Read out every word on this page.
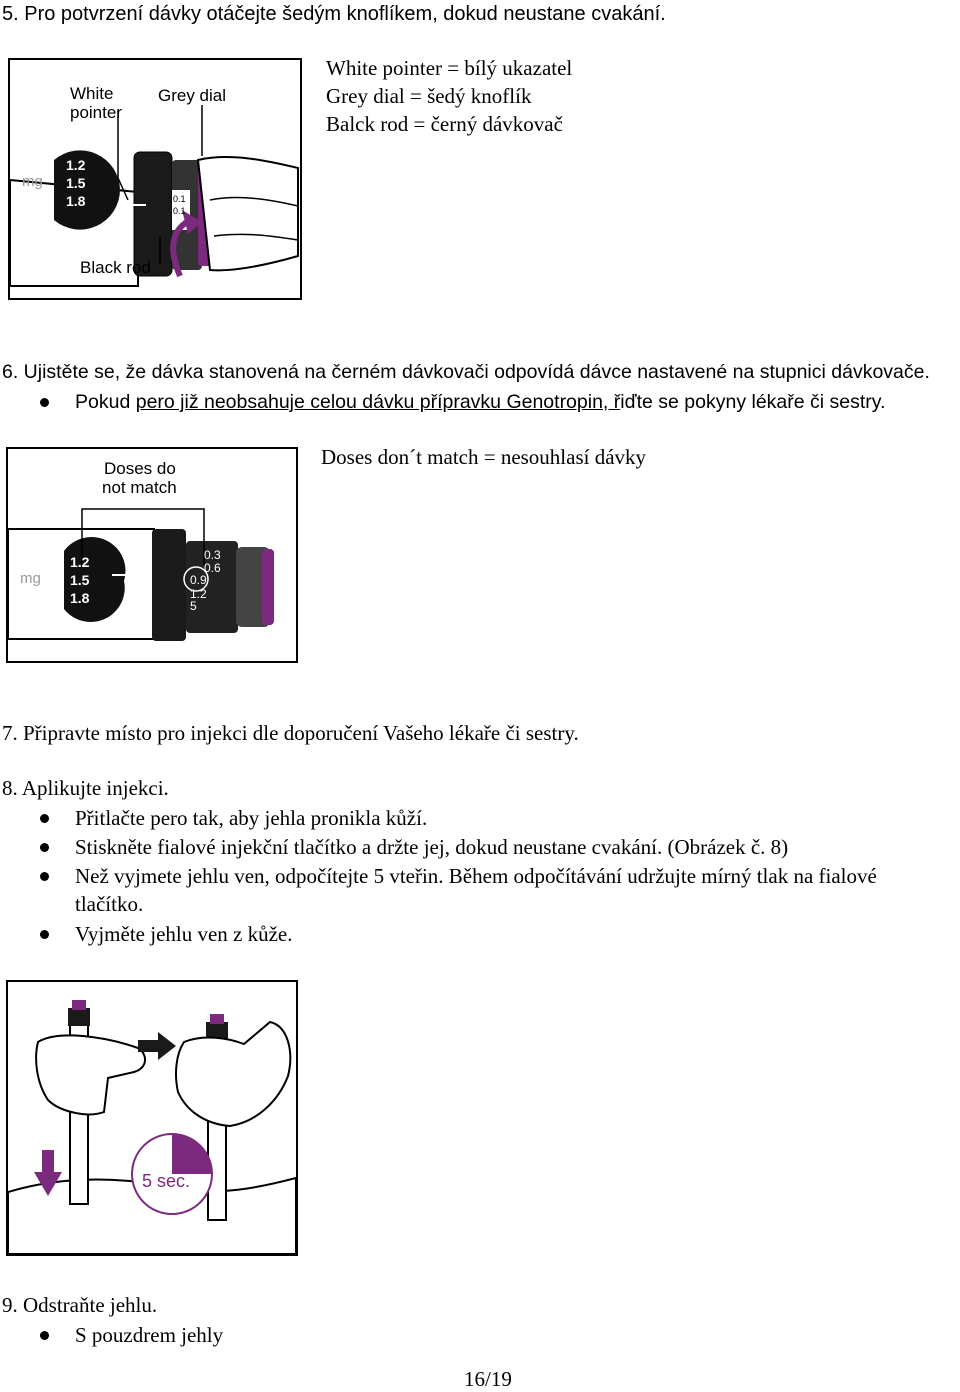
5. Pro potvrzení dávky otáčejte šedým knoflíkem, dokud neustane cvakání.
White
pointer
Grey dial
Black rod
mg
1.2
1.5
1.8	0.1
0.1
White pointer = bílý ukazatel
Grey dial = šedý knoflík
Balck rod = černý dávkovač
6. Ujistěte se, že dávka stanovená na černém dávkovači odpovídá dávce nastavené na stupnici dávkovače.
Pokud pero již neobsahuje celou dávku přípravku Genotropin, řiďte se pokyny lékaře či sestry.
Doses do
not match
mg
1.2
1.5
1.8
0.3
0.6
0.9
1.2
5
Doses don´t match = nesouhlasí dávky
7. Připravte místo pro injekci dle doporučení Vašeho lékaře či sestry.
8. Aplikujte injekci.
Přitlačte pero tak, aby jehla pronikla kůží.
Stiskněte fialové injekční tlačítko a držte jej, dokud neustane cvakání. (Obrázek č. 8)
Než vyjmete jehlu ven, odpočítejte 5 vteřin. Během odpočítávání udržujte mírný tlak na fialové
tlačítko.
Vyjměte jehlu ven z kůže.
5 sec.
9. Odstraňte jehlu.
S pouzdrem jehly
16/19
